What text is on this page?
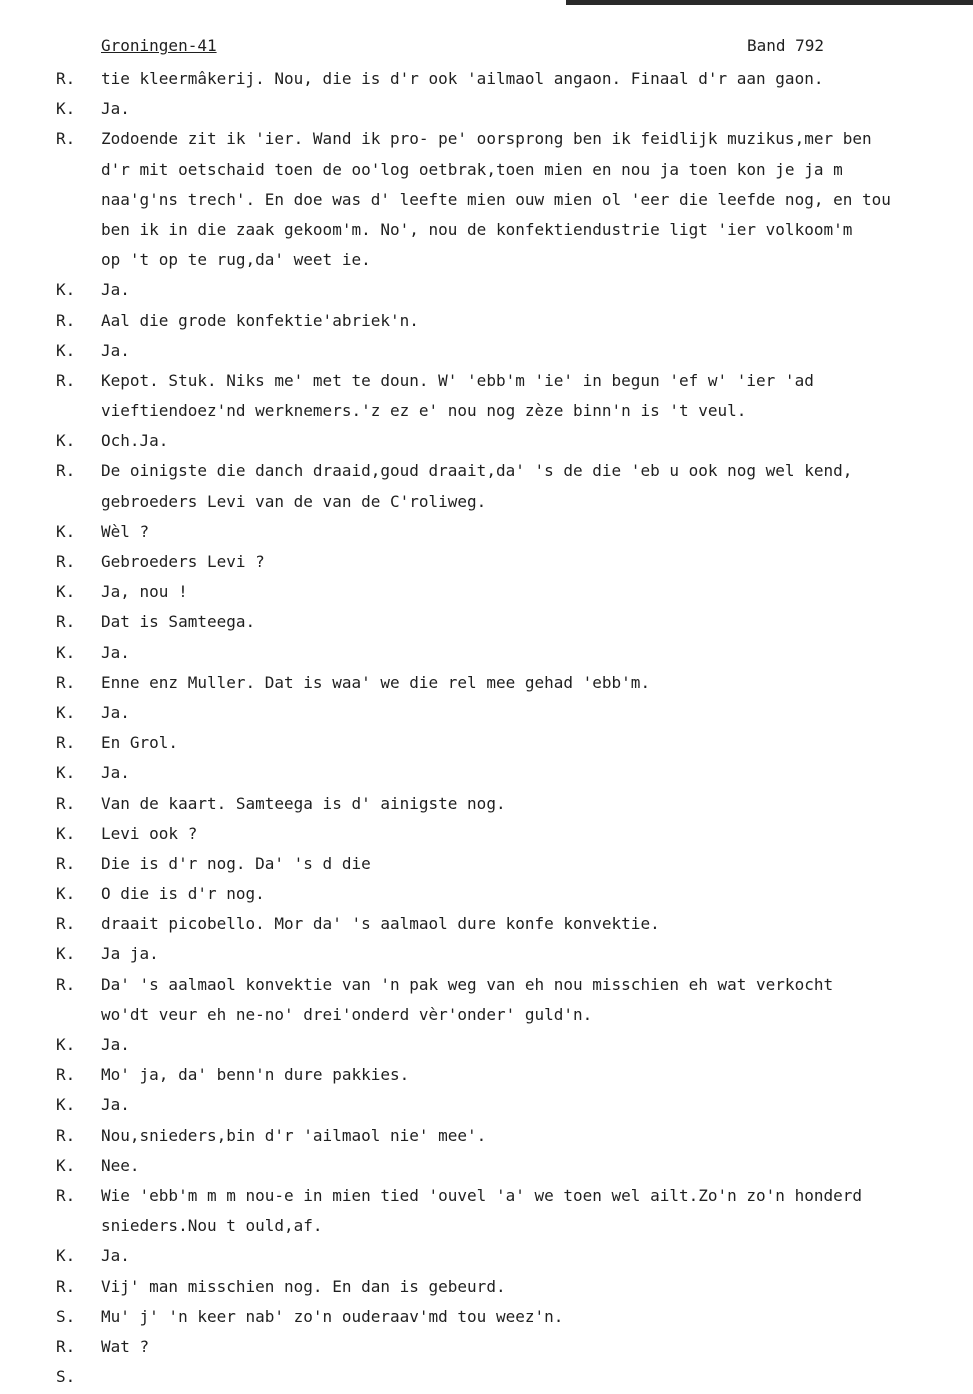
Groningen-41	Band 792
R. tie kleermâkerij. Nou, die is d'r ook 'ailmaol angaon. Finaal d'r aan gaon.
K. Ja.
R. Zodoende zit ik 'ier. Wand ik pro- pe' oorsprong ben ik feidlijk muzikus,mer ben
d'r mit oetschaid toen de oo'log oetbrak,toen mien en nou ja toen kon je ja m
naa'g'ns trech'. En doe was d' leefte mien ouw mien ol 'eer die leefde nog, en tou
ben ik in die zaak gekoom'm. No', nou de konfektiendustrie ligt 'ier volkoom'm
op 't op te rug,da' weet ie.
K. Ja.
R. Aal die grode konfektie'abriek'n.
K. Ja.
R. Kepot. Stuk. Niks me' met te doun. W' 'ebb'm 'ie' in begun 'ef w' 'ier 'ad
vieftiendoez'nd werknemers.'z ez e' nou nog zèze binn'n is 't veul.
K. Och.Ja.
R. De oinigste die danch draaid,goud draait,da' 's de die 'eb u ook nog wel kend,
gebroeders Levi van de van de C'roliweg.
K. Wèl ?
R. Gebroeders Levi ?
K. Ja, nou !
R. Dat is Samteega.
K. Ja.
R. Enne enz Muller. Dat is waa' we die rel mee gehad 'ebb'm.
K. Ja.
R. En Grol.
K. Ja.
R. Van de kaart. Samteega is d' ainigste nog.
K. Levi ook ?
R. Die is d'r nog. Da' 's d die
K. O die is d'r nog.
R. draait picobello. Mor da' 's aalmaol dure konfe konvektie.
K. Ja ja.
R. Da' 's aalmaol konvektie van 'n pak weg van eh nou misschien eh wat verkocht
wo'dt veur eh ne-no' drei'onderd vèr'onder' guld'n.
K. Ja.
R. Mo' ja, da' benn'n dure pakkies.
K. Ja.
R. Nou,snieders,bin d'r 'ailmaol nie' mee'.
K. Nee.
R. Wie 'ebb'm m m nou-e in mien tied 'ouvel 'a' we toen wel ailt.Zo'n zo'n honderd
snieders.Nou t ould,af.
K. Ja.
R. Vij' man misschien nog. En dan is gebeurd.
S. Mu' j' 'n keer nab' zo'n ouderaav'md tou weez'n.
R. Wat ?
S.
